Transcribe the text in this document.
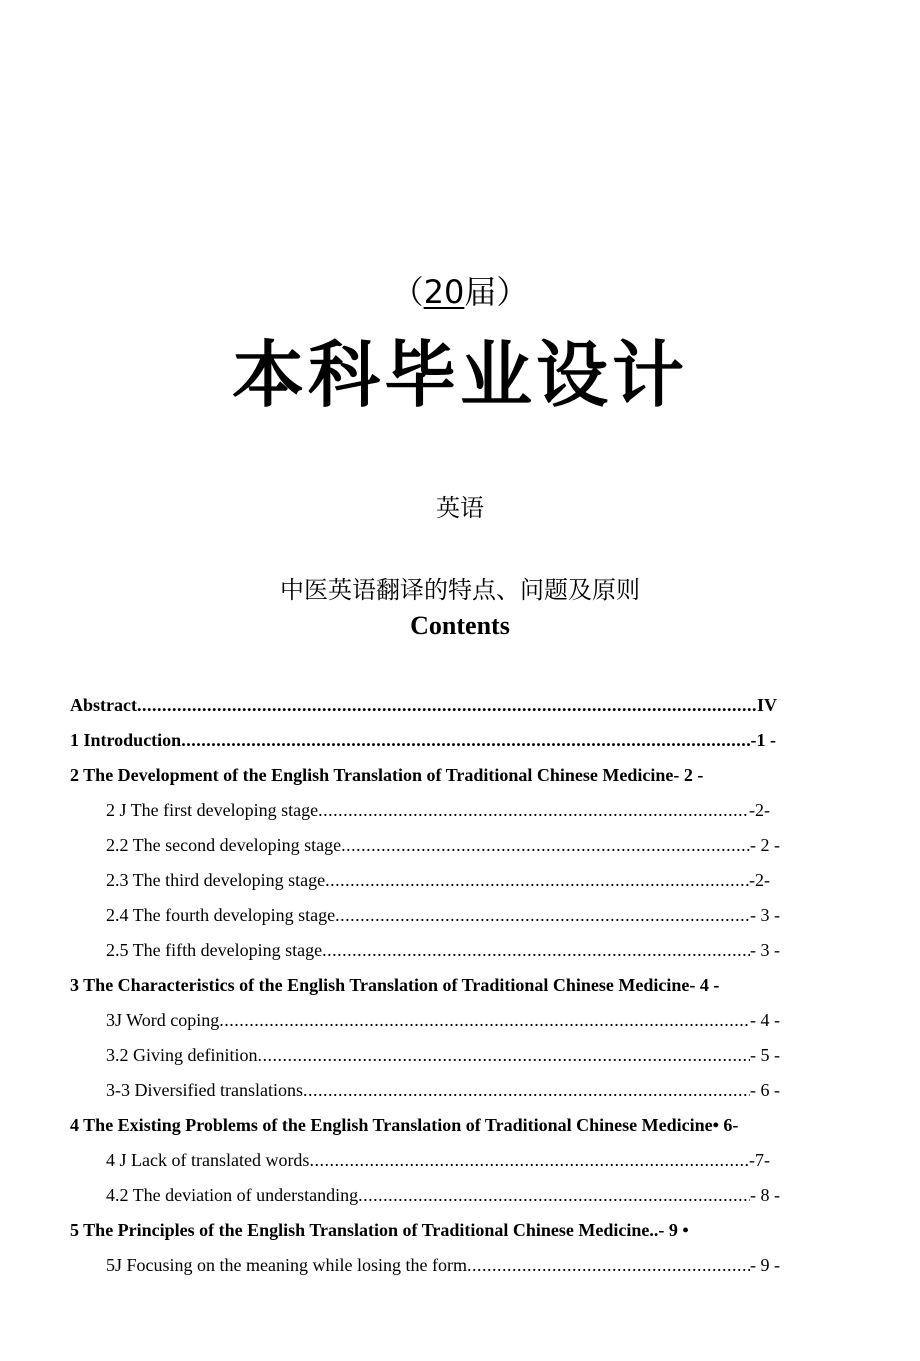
（20届）
本科毕业设计
英语
中医英语翻译的特点、问题及原则
Contents
Abstract .....	IV
1 Introduction .....	-1 -
2 The Development of the English Translation of Traditional Chinese Medicine - 2 -
2 J The first developing stage .....	-2-
2.2 The second developing stage .....	- 2 -
2.3 The third developing stage .....	-2-
2.4 The fourth developing stage .....	- 3 -
2.5 The fifth developing stage .....	- 3 -
3 The Characteristics of the English Translation of Traditional Chinese Medicine - 4 -
3J Word coping .....	- 4 -
3.2 Giving definition .....	- 5 -
3-3 Diversified translations .....	- 6 -
4 The Existing Problems of the English Translation of Traditional Chinese Medicine • 6-
4 J Lack of translated words .....	-7-
4.2 The deviation of understanding .....	- 8 -
5 The Principles of the English Translation of Traditional Chinese Medicine.. - 9 •
5J Focusing on the meaning while losing the form .....	- 9 -
